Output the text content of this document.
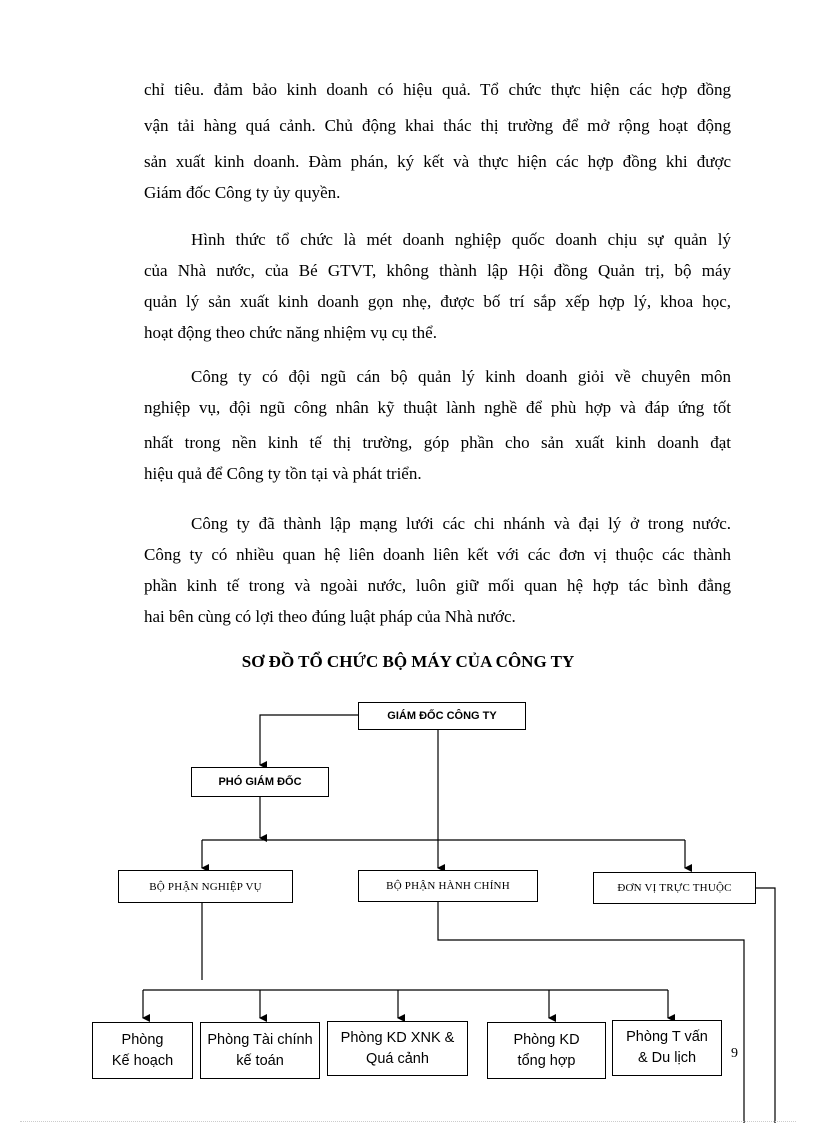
chỉ tiêu. đảm bảo kinh doanh có hiệu quả. Tổ chức thực hiện các hợp đồng
vận tải hàng quá cảnh. Chủ động khai thác thị trường để mở rộng hoạt động
sản xuất kinh doanh. Đàm phán, ký kết và thực hiện các hợp đồng khi được
Giám đốc Công ty ủy quyền.
Hình thức tổ chức là mét doanh nghiệp quốc doanh chịu sự quản lý
của Nhà nước, của Bé GTVT, không thành lập Hội đồng Quản trị, bộ máy
quản lý sản xuất kinh doanh gọn nhẹ, được bố trí sắp xếp hợp lý, khoa học,
hoạt động theo chức năng nhiệm vụ cụ thể.
Công ty có đội ngũ cán bộ quản lý kinh doanh giỏi về chuyên môn
nghiệp vụ, đội ngũ công nhân kỹ thuật lành nghề để phù hợp và đáp ứng tốt
nhất trong nền kinh tế thị trường, góp phần cho sản xuất kinh doanh đạt
hiệu quả để Công ty tồn tại và phát triển.
Công ty đã thành lập mạng lưới các chi nhánh và đại lý ở trong nước.
Công ty có nhiều quan hệ liên doanh liên kết với các đơn vị thuộc các thành
phần kinh tế trong và ngoài nước, luôn giữ mối quan hệ hợp tác bình đẳng
hai bên cùng có lợi theo đúng luật pháp của Nhà nước.
SƠ ĐỒ TỔ CHỨC BỘ MÁY CỦA CÔNG TY
GIÁM ĐỐC CÔNG TY
PHÓ GIÁM ĐỐC
BỘ PHẬN NGHIỆP VỤ	BỘ PHẬN HÀNH CHÍNH	ĐƠN VỊ TRỰC THUỘC
Phòng
Kế hoạch
Phòng Tài chính
kế toán
Phòng KD XNK &
Quá cảnh
Phòng KD
tổng hợp
Phòng T vấn
& Du lịch 9
